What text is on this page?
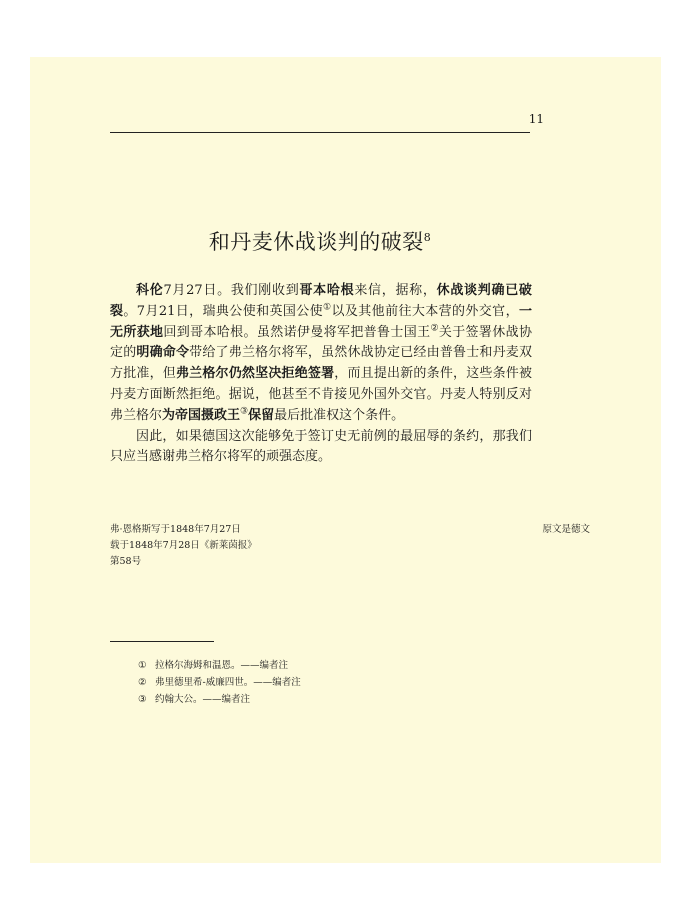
11
和丹麦休战谈判的破裂$^8$

科伦7月27日。我们刚收到哥本哈根来信，据称，休战谈判确已破裂。7月21日，瑞典公使和英国公使①以及其他前往大本营的外交官，一无所获地回到哥本哈根。虽然诺伊曼将军把普鲁士国王②关于签署休战协定的明确命令带给了弗兰格尔将军，虽然休战协定已经由普鲁士和丹麦双方批准，但弗兰格尔仍然坚决拒绝签署，而且提出新的条件，这些条件被丹麦方面断然拒绝。据说，他甚至不肯接见外国外交官。丹麦人特别反对弗兰格尔为帝国摄政王③保留最后批准权这个条件。

因此，如果德国这次能够免于签订史无前例的最屈辱的条约，那我们只应当感谢弗兰格尔将军的顽强态度。

弗·恩格斯写于1848年7月27日
载于1848年7月28日《新莱茵报》
第58号
原文是德文
① 拉格尔海姆和温恩。——编者注
② 弗里德里希-威廉四世。——编者注
③ 约翰大公。——编者注
